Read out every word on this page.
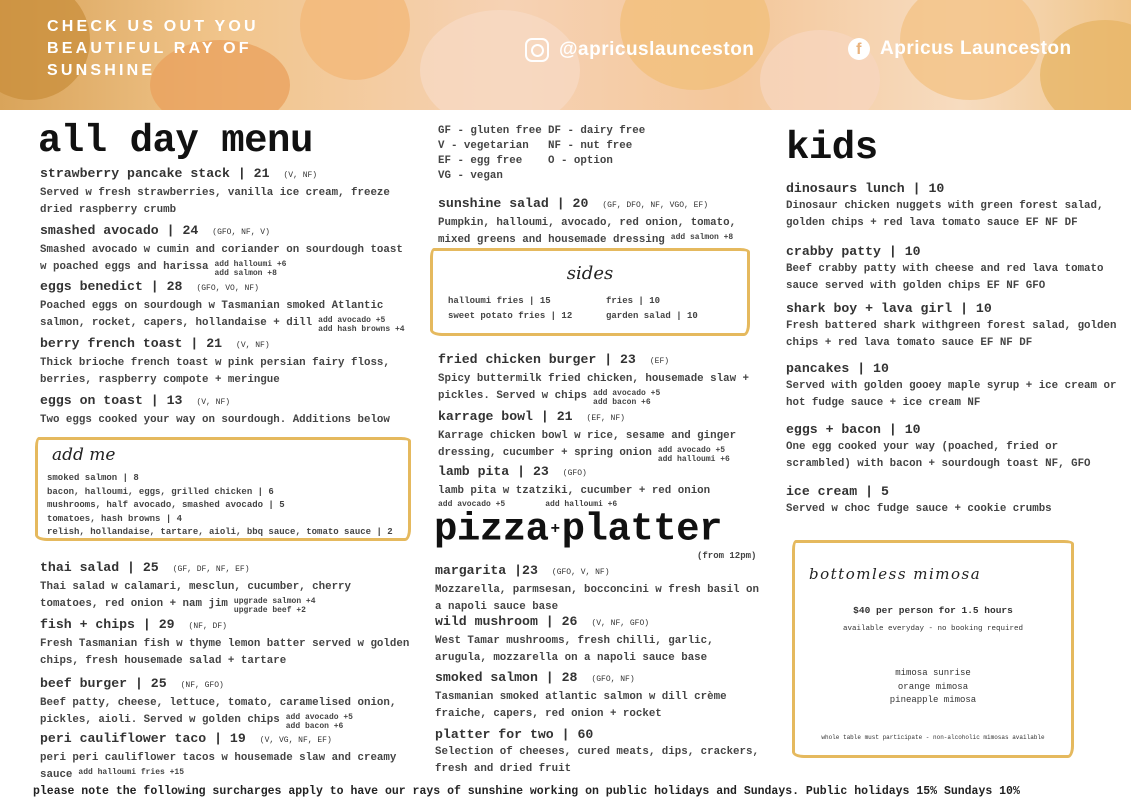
CHECK US OUT YOU BEAUTIFUL RAY OF SUNSHINE
@apricuslaunceston	f Apricus Launceston
all day menu
strawberry pancake stack | 21 (V, NF)
Served w fresh strawberries, vanilla ice cream, freeze dried raspberry crumb
smashed avocado | 24 (GFO, NF, V)
Smashed avocado w cumin and coriander on sourdough toast w poached eggs and harissa add halloumi +6
add salmon +8
eggs benedict | 28 (GFO, VO, NF)
Poached eggs on sourdough w Tasmanian smoked Atlantic salmon, rocket, capers, hollandaise + dill add avocado +5
add hash browns +4
berry french toast | 21 (V, NF)
Thick brioche french toast w pink persian fairy floss, berries, raspberry compote + meringue
eggs on toast | 13 (V, NF)
Two eggs cooked your way on sourdough. Additions below
thai salad | 25 (GF, DF, NF, EF)
Thai salad w calamari, mesclun, cucumber, cherry tomatoes, red onion + nam jim upgrade salmon +4
upgrade beef +2
fish + chips | 29 (NF, DF)
Fresh Tasmanian fish w thyme lemon batter served w golden chips, fresh housemade salad + tartare
beef burger | 25 (NF, GFO)
Beef patty, cheese, lettuce, tomato, caramelised onion, pickles, aioli. Served w golden chips add avocado +5
add bacon +6
peri cauliflower taco | 19 (V, VG, NF, EF)
peri peri cauliflower tacos w housemade slaw and creamy sauce add halloumi fries +15
add me
smoked salmon | 8
bacon, halloumi, eggs, grilled chicken | 6
mushrooms, half avocado, smashed avocado | 5
tomatoes, hash browns | 4
relish, hollandaise, tartare, aioli, bbq sauce, tomato sauce | 2
GF - gluten free DF - dairy free
V - vegetarian	NF - nut free
EF - egg free	O - option
VG - vegan
sunshine salad | 20 (GF, DFO, NF, VGO, EF)
Pumpkin, halloumi, avocado, red onion, tomato, mixed greens and housemade dressing add salmon +8
fried chicken burger | 23 (EF)
Spicy buttermilk fried chicken, housemade slaw + pickles. Served w chips add avocado +5
add bacon +6
karrage bowl | 21 (EF, NF)
Karrage chicken bowl w rice, sesame and ginger dressing, cucumber + spring onion add avocado +5
add halloumi +6
lamb pita | 23 (GFO)
lamb pita w tzatziki, cucumber + red onion
add avocado +5	add halloumi +6
sides
halloumi fries | 15	fries | 10
sweet potato fries | 12	garden salad | 10
pizza +platter
(from 12pm)
margarita |23 (GFO, V, NF)
Mozzarella, parmsesan, bocconcini w fresh basil on a napoli sauce base
wild mushroom | 26 (V, NF, GFO)
West Tamar mushrooms, fresh chilli, garlic, arugula, mozzarella on a napoli sauce base
smoked salmon | 28 (GFO, NF)
Tasmanian smoked atlantic salmon w dill crème fraiche, capers, red onion + rocket
platter for two | 60
Selection of cheeses, cured meats, dips, crackers, fresh and dried fruit
kids
dinosaurs lunch | 10
Dinosaur chicken nuggets with green forest salad, golden chips + red lava tomato sauce EF NF DF
crabby patty | 10
Beef crabby patty with cheese and red lava tomato sauce served with golden chips EF NF GFO
shark boy + lava girl | 10
Fresh battered shark withgreen forest salad, golden chips + red lava tomato sauce EF NF DF
pancakes | 10
Served with golden gooey maple syrup + ice cream or hot fudge sauce + ice cream NF
eggs + bacon | 10
One egg cooked your way (poached, fried or scrambled) with bacon + sourdough toast NF, GFO
ice cream | 5
Served w choc fudge sauce + cookie crumbs
bottomless mimosa
$40 per person for 1.5 hours
available everyday - no booking required
mimosa sunrise
orange mimosa
pineapple mimosa
whole table must participate - non-alcoholic mimosas available
please note the following surcharges apply to have our rays of sunshine working on public holidays and Sundays. Public holidays 15% Sundays 10%
